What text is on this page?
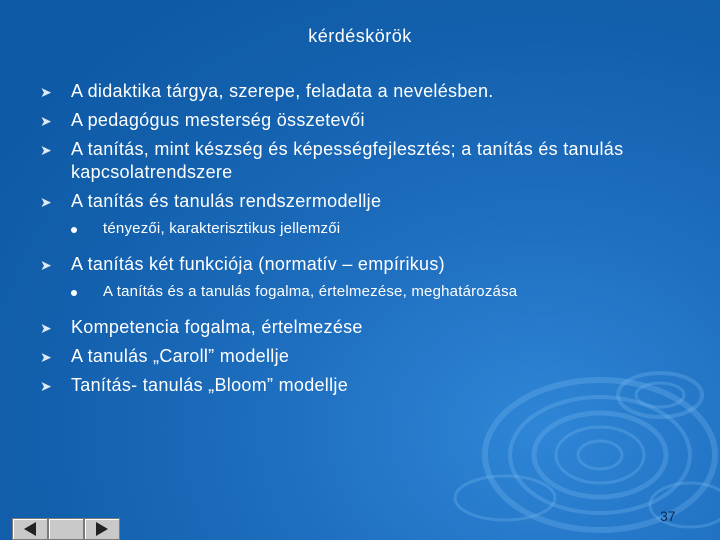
kérdéskörök
➤ A didaktika tárgya, szerepe, feladata a nevelésben.
➤ A pedagógus mesterség összetevői
➤ A tanítás, mint készség és képességfejlesztés; a tanítás és tanulás kapcsolatrendszere
➤ A tanítás és tanulás rendszermodellje
tényezői, karakterisztikus jellemzői
➤ A tanítás két funkciója (normatív – empírikus)
A tanítás és a tanulás fogalma, értelmezése, meghatározása
➤ Kompetencia fogalma, értelmezése
➤ A tanulás „Caroll” modellje
➤ Tanítás- tanulás „Bloom” modellje
37
